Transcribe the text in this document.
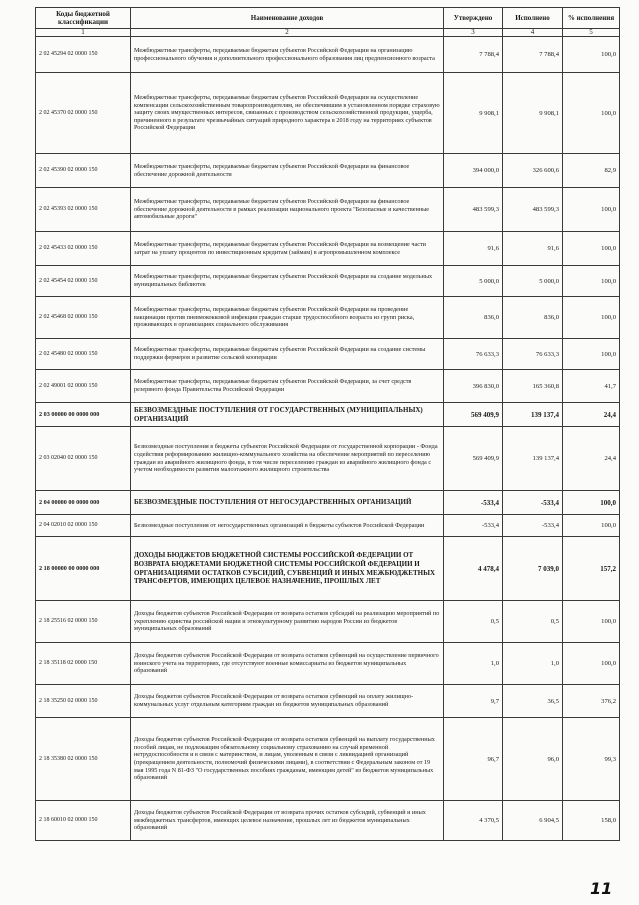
Коды бюджетной классификации	Наименование доходов	Утверждено	Исполнено	% исполнения
1	2	3	4	5
2 02 45294 02 0000 150	Межбюджетные трансферты, передаваемые бюджетам субъектов Российской Федерации на организацию профессионального обучения и дополнительного профессионального образования лиц предпенсионного возраста	7 788,4	7 788,4	100,0
2 02 45370 02 0000 150	Межбюджетные трансферты, передаваемые бюджетам субъектов Российской Федерации на осуществление компенсации сельскохозяйственным товаропроизводителям, не обеспечившим в установленном порядке страховую защиту своих имущественных интересов, связанных с производством сельскохозяйственной продукции, ущерба, причиненного в результате чрезвычайных ситуаций природного характера в 2018 году на территориях субъектов Российской Федерации	9 908,1	9 908,1	100,0
2 02 45390 02 0000 150	Межбюджетные трансферты, передаваемые бюджетам субъектов Российской Федерации на финансовое обеспечение дорожной деятельности	394 000,0	326 600,6	82,9
2 02 45393 02 0000 150	Межбюджетные трансферты, передаваемые бюджетам субъектов Российской Федерации на финансовое обеспечение дорожной деятельности в рамках реализации национального проекта "Безопасные и качественные автомобильные дороги"	483 599,3	483 599,3	100,0
2 02 45433 02 0000 150	Межбюджетные трансферты, передаваемые бюджетам субъектов Российской Федерации на возмещение части затрат на уплату процентов по инвестиционным кредитам (займам) в агропромышленном комплексе	91,6	91,6	100,0
2 02 45454 02 0000 150	Межбюджетные трансферты, передаваемые бюджетам субъектов Российской Федерации на создание модельных муниципальных библиотек	5 000,0	5 000,0	100,0
2 02 45468 02 0000 150	Межбюджетные трансферты, передаваемые бюджетам субъектов Российской Федерации на проведение вакцинации против пневмококковой инфекции граждан старше трудоспособного возраста из групп риска, проживающих в организациях социального обслуживания	836,0	836,0	100,0
2 02 45480 02 0000 150	Межбюджетные трансферты, передаваемые бюджетам субъектов Российской Федерации на создание системы поддержки фермеров и развитие сельской кооперации	76 633,3	76 633,3	100,0
2 02 49001 02 0000 150	Межбюджетные трансферты, передаваемые бюджетам субъектов Российской Федерации, за счет средств резервного фонда Правительства Российской Федерации	396 830,0	165 360,8	41,7
2 03 00000 00 0000 000	БЕЗВОЗМЕЗДНЫЕ ПОСТУПЛЕНИЯ ОТ ГОСУДАРСТВЕННЫХ (МУНИЦИПАЛЬНЫХ) ОРГАНИЗАЦИЙ	569 409,9	139 137,4	24,4
2 03 02040 02 0000 150	Безвозмездные поступления в бюджеты субъектов Российской Федерации от государственной корпорации - Фонда содействия реформированию жилищно-коммунального хозяйства на обеспечение мероприятий по переселению граждан из аварийного жилищного фонда, в том числе переселению граждан из аварийного жилищного фонда с учетом необходимости развития малоэтажного жилищного строительства	569 409,9	139 137,4	24,4
2 04 00000 00 0000 000	БЕЗВОЗМЕЗДНЫЕ ПОСТУПЛЕНИЯ ОТ НЕГОСУДАРСТВЕННЫХ ОРГАНИЗАЦИЙ	-533,4	-533,4	100,0
2 04 02010 02 0000 150	Безвозмездные поступления от негосударственных организаций в бюджеты субъектов Российской Федерации	-533,4	-533,4	100,0
2 18 00000 00 0000 000	ДОХОДЫ БЮДЖЕТОВ БЮДЖЕТНОЙ СИСТЕМЫ РОССИЙСКОЙ ФЕДЕРАЦИИ ОТ ВОЗВРАТА БЮДЖЕТАМИ БЮДЖЕТНОЙ СИСТЕМЫ РОССИЙСКОЙ ФЕДЕРАЦИИ И ОРГАНИЗАЦИЯМИ ОСТАТКОВ СУБСИДИЙ, СУБВЕНЦИЙ И ИНЫХ МЕЖБЮДЖЕТНЫХ ТРАНСФЕРТОВ, ИМЕЮЩИХ ЦЕЛЕВОЕ НАЗНАЧЕНИЕ, ПРОШЛЫХ ЛЕТ	4 478,4	7 039,0	157,2
2 18 25516 02 0000 150	Доходы бюджетов субъектов Российской Федерации от возврата остатков субсидий на реализацию мероприятий по укреплению единства российской нации и этнокультурному развитию народов России из бюджетов муниципальных образований	0,5	0,5	100,0
2 18 35118 02 0000 150	Доходы бюджетов субъектов Российской Федерации от возврата остатков субвенций на осуществление первичного воинского учета на территориях, где отсутствуют военные комиссариаты из бюджетов муниципальных образований	1,0	1,0	100,0
2 18 35250 02 0000 150	Доходы бюджетов субъектов Российской Федерации от возврата остатков субвенций на оплату жилищно-коммунальных услуг отдельным категориям граждан из бюджетов муниципальных образований	9,7	36,5	376,2
2 18 35380 02 0000 150	Доходы бюджетов субъектов Российской Федерации от возврата остатков субвенций на выплату государственных пособий лицам, не подлежащим обязательному социальному страхованию на случай временной нетрудоспособности и в связи с материнством, и лицам, уволенным в связи с ликвидацией организаций (прекращением деятельности, полномочий физическими лицами), в соответствии с Федеральным законом от 19 мая 1995 года N 81-ФЗ "О государственных пособиях гражданам, имеющим детей" из бюджетов муниципальных образований	96,7	96,0	99,3
2 18 60010 02 0000 150	Доходы бюджетов субъектов Российской Федерации от возврата прочих остатков субсидий, субвенций и иных межбюджетных трансфертов, имеющих целевое назначение, прошлых лет из бюджетов муниципальных образований	4 370,5	6 904,5	158,0
11
